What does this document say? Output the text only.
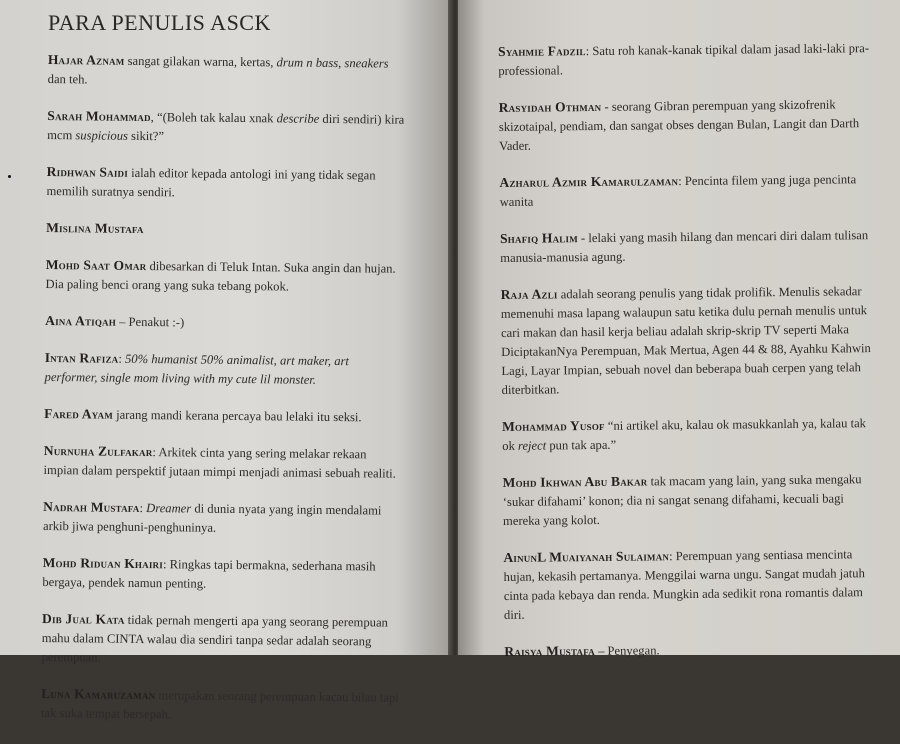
PARA PENULIS ASCK
Hajar Aznam sangat gilakan warna, kertas, drum n bass, sneakers dan teh.
Sarah Mohammad, “(Boleh tak kalau xnak describe diri sendiri) kira mcm suspicious sikit?”
Ridhwan Saidi ialah editor kepada antologi ini yang tidak segan memilih suratnya sendiri.
Mislina Mustafa
Mohd Saat Omar dibesarkan di Teluk Intan. Suka angin dan hujan. Dia paling benci orang yang suka tebang pokok.
Aina Atiqah – Penakut :-)
Intan Rafiza: 50% humanist 50% animalist, art maker, art performer, single mom living with my cute lil monster.
Fared Ayam jarang mandi kerana percaya bau lelaki itu seksi.
Nurnuha Zulfakar: Arkitek cinta yang sering melakar rekaan impian dalam perspektif jutaan mimpi menjadi animasi sebuah realiti.
Nadrah Mustafa: Dreamer di dunia nyata yang ingin mendalami arkib jiwa penghuni-penghuninya.
Mohd Riduan Khairi: Ringkas tapi bermakna, sederhana masih bergaya, pendek namun penting.
Dib Jual Kata tidak pernah mengerti apa yang seorang perempuan mahu dalam CINTA walau dia sendiri tanpa sedar adalah seorang perempuan.
Luna Kamaruzaman merupakan seorang perempuan kacau bilau tapi tak suka tempat bersepah.
Syahmie Fadzil: Satu roh kanak-kanak tipikal dalam jasad laki-laki pra-professional.
Rasyidah Othman - seorang Gibran perempuan yang skizofrenik skizotaipal, pendiam, dan sangat obses dengan Bulan, Langit dan Darth Vader.
Azharul Azmir Kamarulzaman: Pencinta filem yang juga pencinta wanita
Shafiq Halim - lelaki yang masih hilang dan mencari diri dalam tulisan manusia-manusia agung.
Raja Azli adalah seorang penulis yang tidak prolifik. Menulis sekadar memenuhi masa lapang walaupun satu ketika dulu pernah menulis untuk cari makan dan hasil kerja beliau adalah skrip-skrip TV seperti Maka DiciptakanNya Perempuan, Mak Mertua, Agen 44 & 88, Ayahku Kahwin Lagi, Layar Impian, sebuah novel dan beberapa buah cerpen yang telah diterbitkan.
Mohammad Yusof “ni artikel aku, kalau ok masukkanlah ya, kalau tak ok reject pun tak apa.”
Mohd Ikhwan Abu Bakar tak macam yang lain, yang suka mengaku ‘sukar difahami’ konon; dia ni sangat senang difahami, kecuali bagi mereka yang kolot.
AinunL Muaiyanah Sulaiman: Perempuan yang sentiasa mencinta hujan, kekasih pertamanya. Menggilai warna ungu. Sangat mudah jatuh cinta pada kebaya dan renda. Mungkin ada sedikit rona romantis dalam diri.
Raisya Mustafa – Penyegan.
